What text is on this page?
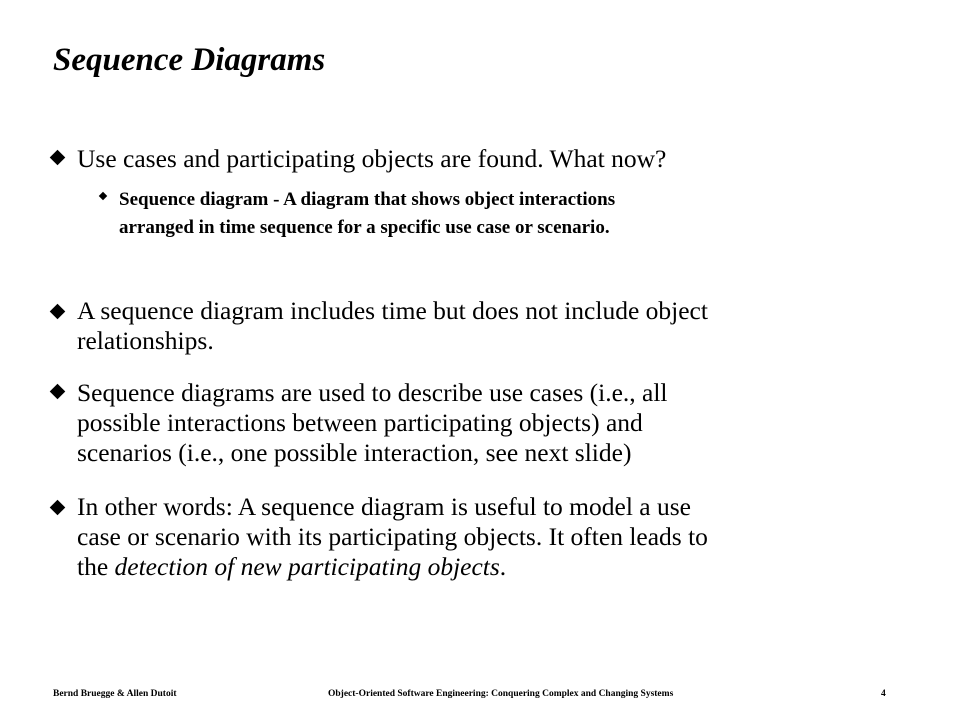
Sequence Diagrams
Use cases and participating objects are found. What now?
Sequence diagram - A diagram that shows object interactions
arranged in time sequence for a specific use case or scenario.
A sequence diagram includes time but does not include object
relationships.
Sequence diagrams are used to describe use cases (i.e., all
possible interactions between participating objects) and
scenarios (i.e., one possible interaction, see next slide)
In other words: A sequence diagram is useful to model a use
case or scenario with its participating objects. It often leads to
the detection of new participating objects.
Bernd Bruegge & Allen Dutoit	Object-Oriented Software Engineering: Conquering Complex and Changing Systems	4
